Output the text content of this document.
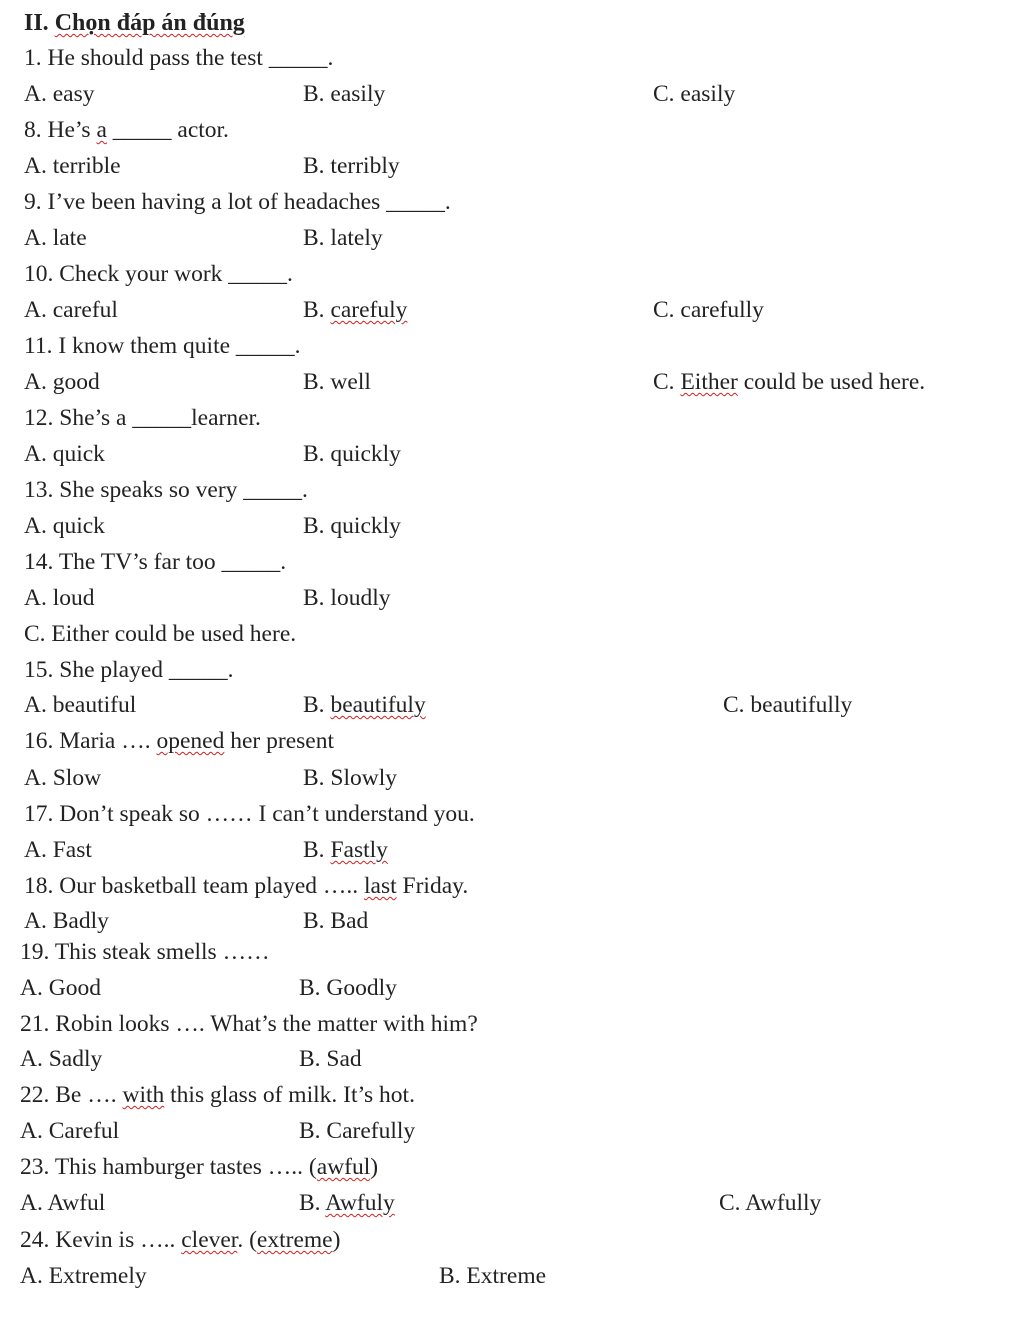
II. Chọn đáp án đúng
1. He should pass the test _____.
A. easy	B. easily	C. easily
8. He’s a _____ actor.
A. terrible	B. terribly
9. I’ve been having a lot of headaches _____.
A. late	B. lately
10. Check your work _____.
A. careful	B. carefuly	C. carefully
11. I know them quite _____.
A. good	B. well	C. Either could be used here.
12. She’s a _____learner.
A. quick	B. quickly
13. She speaks so very _____.
A. quick	B. quickly
14. The TV’s far too _____.
A. loud	B. loudly
C. Either could be used here.
15. She played _____.
A. beautiful	B. beautifuly	C. beautifully
16. Maria …. opened her present
A. Slow	B. Slowly
17. Don’t speak so …… I can’t understand you.
A. Fast	B. Fastly
18. Our basketball team played ….. last Friday.
A. Badly	B. Bad
19. This steak smells ……
A. Good	B. Goodly
21. Robin looks …. What’s the matter with him?
A. Sadly	B. Sad
22. Be …. with this glass of milk. It’s hot.
A. Careful	B. Carefully
23. This hamburger tastes ….. (awful)
A. Awful	B. Awfuly	C. Awfully
24. Kevin is ….. clever. (extreme)
A. Extremely	B. Extreme
